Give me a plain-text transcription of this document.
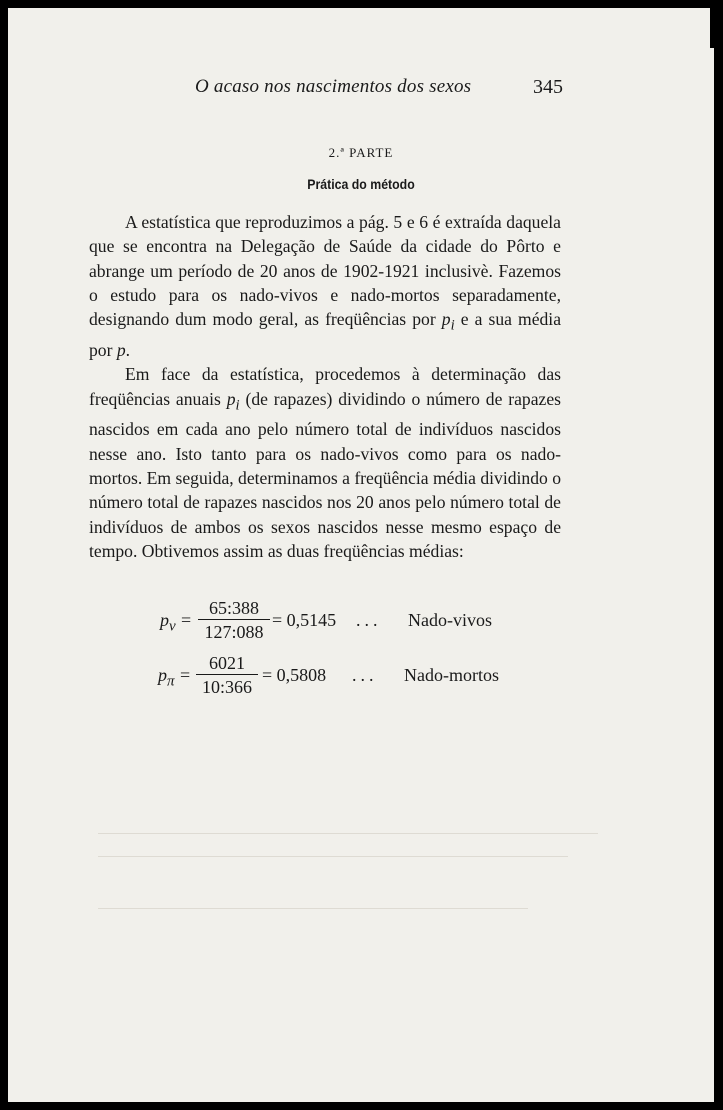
O acaso nos nascimentos dos sexos	345
2.ª PARTE
Prática do método

A estatística que reproduzimos a pág. 5 e 6 é extraída daquela que se encontra na Delegação de Saúde da cidade do Pôrto e abrange um período de 20 anos de 1902-1921 inclusivè. Fazemos o estudo para os nado-vivos e nado-mortos separadamente, designando dum modo geral, as freqüências por $p_i$ e a sua média por p.

Em face da estatística, procedemos à determinação das freqüências anuais $p_i$ (de rapazes) dividindo o número de rapazes nascidos em cada ano pelo número total de indivíduos nascidos nesse ano. Isto tanto para os nado-vivos como para os nado-mortos. Em seguida, determinamos a freqüência média dividindo o número total de rapazes nascidos nos 20 anos pelo número total de indivíduos de ambos os sexos nascidos nesse mesmo espaço de tempo. Obtivemos assim as duas freqüências médias:

$p_v$ =
65:388
127:088
= 0,5145 ... Nado-vivos
$p_\pi$ =
6021
10:366
= 0,5808 ... Nado-mortos
